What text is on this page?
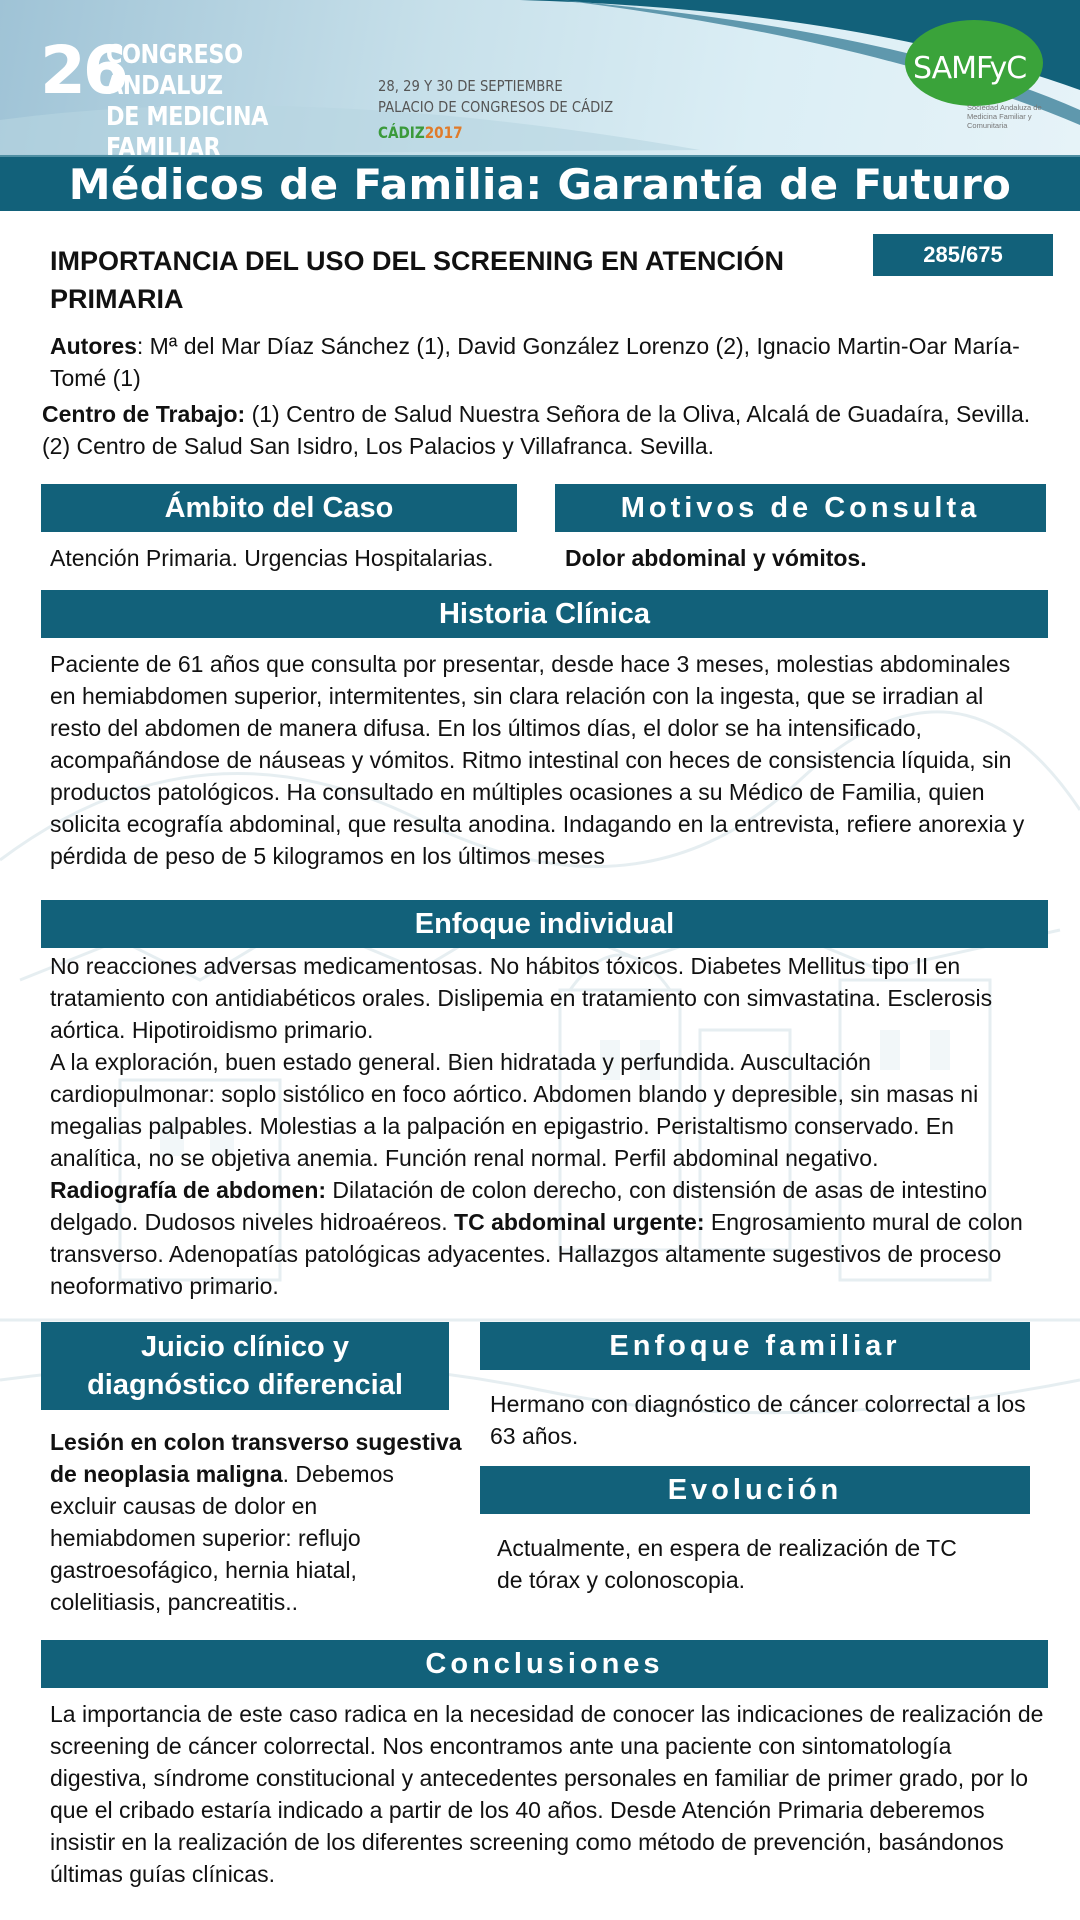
26
CONGRESO ANDALUZ
DE MEDICINA FAMILIAR
28, 29 Y 30 DE SEPTIEMBRE
PALACIO DE CONGRESOS DE CÁDIZ
CÁDIZ2017
SAMFyC
Sociedad Andaluza de Medicina Familiar y Comunitaria
Médicos de Familia: Garantía de Futuro
IMPORTANCIA DEL USO DEL SCREENING EN ATENCIÓN PRIMARIA
285/675
Autores: Mª del Mar Díaz Sánchez (1), David González Lorenzo (2), Ignacio Martin-Oar María-Tomé (1)
Centro de Trabajo: (1) Centro de Salud Nuestra Señora de la Oliva, Alcalá de Guadaíra, Sevilla. (2) Centro de Salud San Isidro, Los Palacios y Villafranca. Sevilla.
Ámbito del Caso	Motivos de Consulta
Atención Primaria. Urgencias Hospitalarias.	Dolor abdominal y vómitos.
Historia Clínica
Paciente de 61 años que consulta por presentar, desde hace 3 meses, molestias abdominales en hemiabdomen superior, intermitentes, sin clara relación con la ingesta, que se irradian al resto del abdomen de manera difusa. En los últimos días, el dolor se ha intensificado, acompañándose de náuseas y vómitos. Ritmo intestinal con heces de consistencia líquida, sin productos patológicos. Ha consultado en múltiples ocasiones a su Médico de Familia, quien solicita ecografía abdominal, que resulta anodina. Indagando en la entrevista, refiere anorexia y pérdida de peso de 5 kilogramos en los últimos meses
Enfoque individual
No reacciones adversas medicamentosas. No hábitos tóxicos. Diabetes Mellitus tipo II en tratamiento con antidiabéticos orales. Dislipemia en tratamiento con simvastatina. Esclerosis aórtica. Hipotiroidismo primario.
A la exploración, buen estado general. Bien hidratada y perfundida. Auscultación cardiopulmonar: soplo sistólico en foco aórtico. Abdomen blando y depresible, sin masas ni megalias palpables. Molestias a la palpación en epigastrio. Peristaltismo conservado. En analítica, no se objetiva anemia. Función renal normal. Perfil abdominal negativo.
Radiografía de abdomen: Dilatación de colon derecho, con distensión de asas de intestino delgado. Dudosos niveles hidroaéreos. TC abdominal urgente: Engrosamiento mural de colon transverso. Adenopatías patológicas adyacentes. Hallazgos altamente sugestivos de proceso neoformativo primario.
Juicio clínico y
diagnóstico diferencial
Lesión en colon transverso sugestiva de neoplasia maligna. Debemos excluir causas de dolor en hemiabdomen superior: reflujo gastroesofágico, hernia hiatal, colelitiasis, pancreatitis..
Enfoque familiar
Hermano con diagnóstico de cáncer colorrectal a los 63 años.
Evolución
Actualmente, en espera de realización de TC de tórax y colonoscopia.
Conclusiones
La importancia de este caso radica en la necesidad de conocer las indicaciones de realización de screening de cáncer colorrectal. Nos encontramos ante una paciente con sintomatología digestiva, síndrome constitucional y antecedentes personales en familiar de primer grado, por lo que el cribado estaría indicado a partir de los 40 años. Desde Atención Primaria deberemos insistir en la realización de los diferentes screening como método de prevención, basándonos últimas guías clínicas.
